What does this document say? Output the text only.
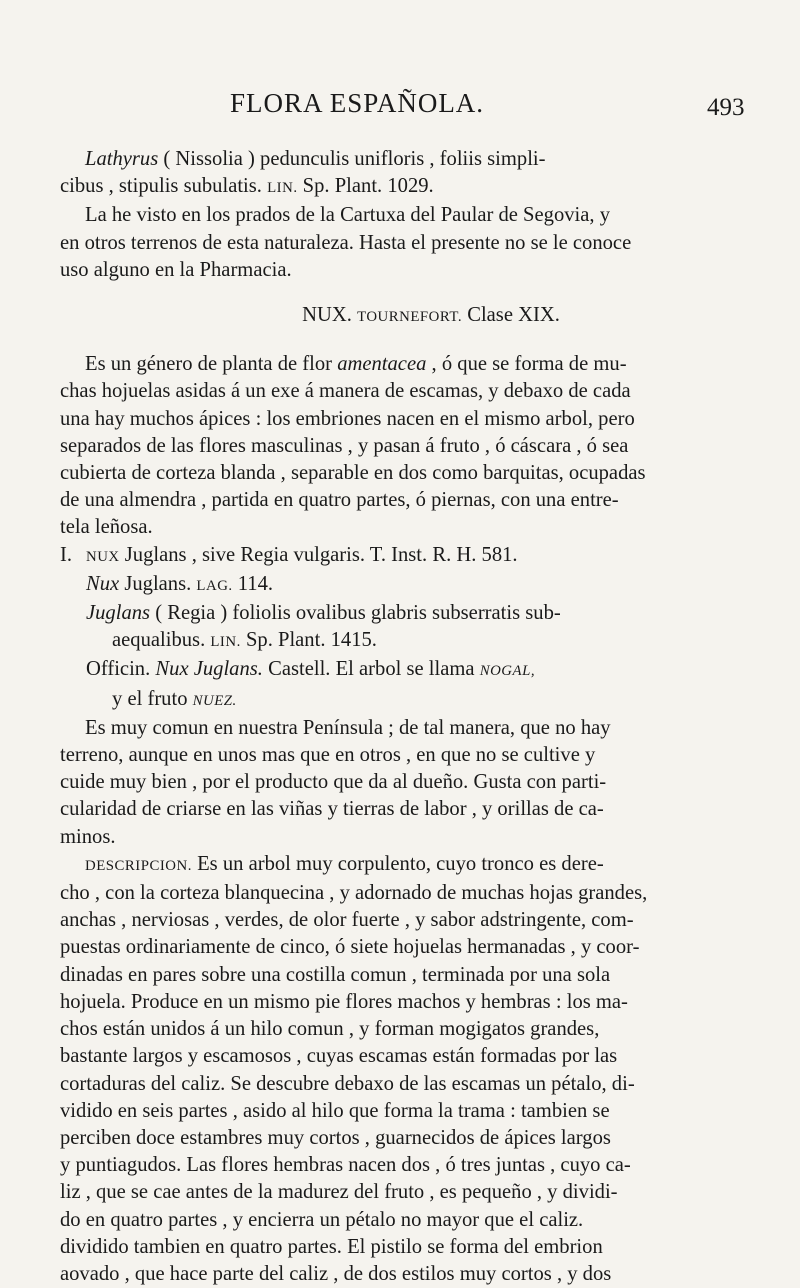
FLORA ESPAÑOLA.	493

Lathyrus ( Nissolia ) pedunculis unifloris , foliis simpli-

cibus , stipulis subulatis. LIN. Sp. Plant. 1029.

La he visto en los prados de la Cartuxa del Paular de Segovia, y

en otros terrenos de esta naturaleza. Hasta el presente no se le conoce

uso alguno en la Pharmacia.

NUX. TOURNEFORT. Clase XIX.

Es un género de planta de flor amentacea , ó que se forma de mu-

chas hojuelas asidas á un exe á manera de escamas, y debaxo de cada

una hay muchos ápices : los embriones nacen en el mismo arbol, pero

separados de las flores masculinas , y pasan á fruto , ó cáscara , ó sea

cubierta de corteza blanda , separable en dos como barquitas, ocupadas

de una almendra , partida en quatro partes, ó piernas, con una entre-

tela leñosa.

I. NUX Juglans , sive Regia vulgaris. T. Inst. R. H. 581.

Nux Juglans. LAG. 114.

Juglans ( Regia ) foliolis ovalibus glabris subserratis sub-

aequalibus. LIN. Sp. Plant. 1415.

Officin. Nux Juglans. Castell. El arbol se llama NOGAL,

y el fruto NUEZ.

Es muy comun en nuestra Península ; de tal manera, que no hay

terreno, aunque en unos mas que en otros , en que no se cultive y

cuide muy bien , por el producto que da al dueño. Gusta con parti-

cularidad de criarse en las viñas y tierras de labor , y orillas de ca-

minos.

DESCRIPCION. Es un arbol muy corpulento, cuyo tronco es dere-

cho , con la corteza blanquecina , y adornado de muchas hojas grandes,

anchas , nerviosas , verdes, de olor fuerte , y sabor adstringente, com-

puestas ordinariamente de cinco, ó siete hojuelas hermanadas , y coor-

dinadas en pares sobre una costilla comun , terminada por una sola

hojuela. Produce en un mismo pie flores machos y hembras : los ma-

chos están unidos á un hilo comun , y forman mogigatos grandes,

bastante largos y escamosos , cuyas escamas están formadas por las

cortaduras del caliz. Se descubre debaxo de las escamas un pétalo, di-

vidido en seis partes , asido al hilo que forma la trama : tambien se

perciben doce estambres muy cortos , guarnecidos de ápices largos

y puntiagudos. Las flores hembras nacen dos , ó tres juntas , cuyo ca-

liz , que se cae antes de la madurez del fruto , es pequeño , y dividi-

do en quatro partes , y encierra un pétalo no mayor que el caliz.

dividido tambien en quatro partes. El pistilo se forma del embrion

aovado , que hace parte del caliz , de dos estilos muy cortos , y dos
